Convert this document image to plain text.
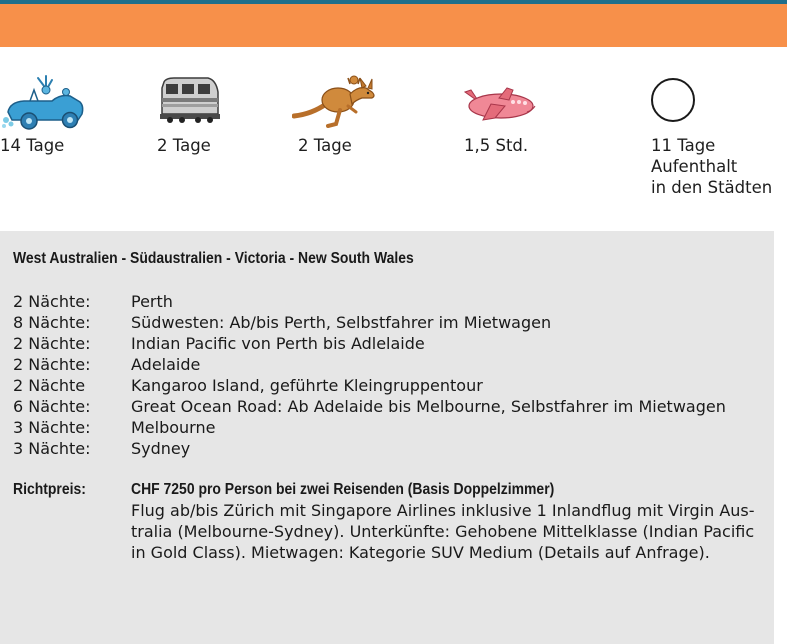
14 Tage	2 Tage	2 Tage	1,5 Std.	11 Tage
Aufenthalt
in den Städten
West Australien - Südaustralien - Victoria - New South Wales
2 Nächte:	Perth
8 Nächte:	Südwesten: Ab/bis Perth, Selbstfahrer im Mietwagen
2 Nächte:	Indian Pacific von Perth bis Adlelaide
2 Nächte:	Adelaide
2 Nächte	Kangaroo Island, geführte Kleingruppentour
6 Nächte:	Great Ocean Road: Ab Adelaide bis Melbourne, Selbstfahrer im Mietwagen
3 Nächte:	Melbourne
3 Nächte:	Sydney
Richtpreis:	CHF 7250 pro Person bei zwei Reisenden (Basis Doppelzimmer)
Flug ab/bis Zürich mit Singapore Airlines inklusive 1 Inlandflug mit Virgin Aus-
tralia (Melbourne-Sydney). Unterkünfte: Gehobene Mittelklasse (Indian Pacific
in Gold Class). Mietwagen: Kategorie SUV Medium (Details auf Anfrage).
